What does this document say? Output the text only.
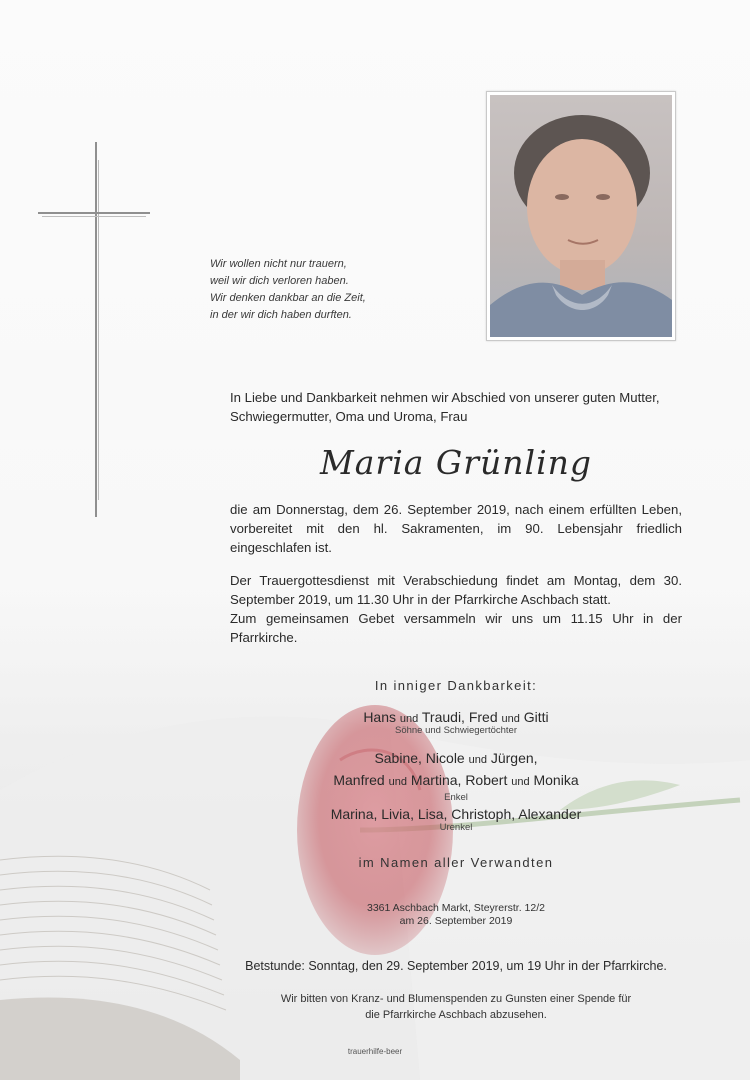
Wir wollen nicht nur trauern,
weil wir dich verloren haben.
Wir denken dankbar an die Zeit,
in der wir dich haben durften.
In Liebe und Dankbarkeit nehmen wir Abschied von unserer guten Mutter, Schwiegermutter, Oma und Uroma, Frau
Maria Grünling
die am Donnerstag, dem 26. September 2019, nach einem erfüllten Leben, vorbereitet mit den hl. Sakramenten, im 90. Lebensjahr friedlich eingeschlafen ist.
Der Trauergottesdienst mit Verabschiedung findet am Montag, dem 30. September 2019, um 11.30 Uhr in der Pfarrkirche Aschbach statt.
Zum gemeinsamen Gebet versammeln wir uns um 11.15 Uhr in der Pfarrkirche.
In inniger Dankbarkeit:
Hans und Traudi, Fred und Gitti
Söhne und Schwiegertöchter
Sabine, Nicole und Jürgen,
Manfred und Martina, Robert und Monika
Enkel
Marina, Livia, Lisa, Christoph, Alexander
Urenkel
im Namen aller Verwandten
3361 Aschbach Markt, Steyrerstr. 12/2
am 26. September 2019
Betstunde: Sonntag, den 29. September 2019, um 19 Uhr in der Pfarrkirche.
Wir bitten von Kranz- und Blumenspenden zu Gunsten einer Spende für
die Pfarrkirche Aschbach abzusehen.
trauerhilfe-beer
